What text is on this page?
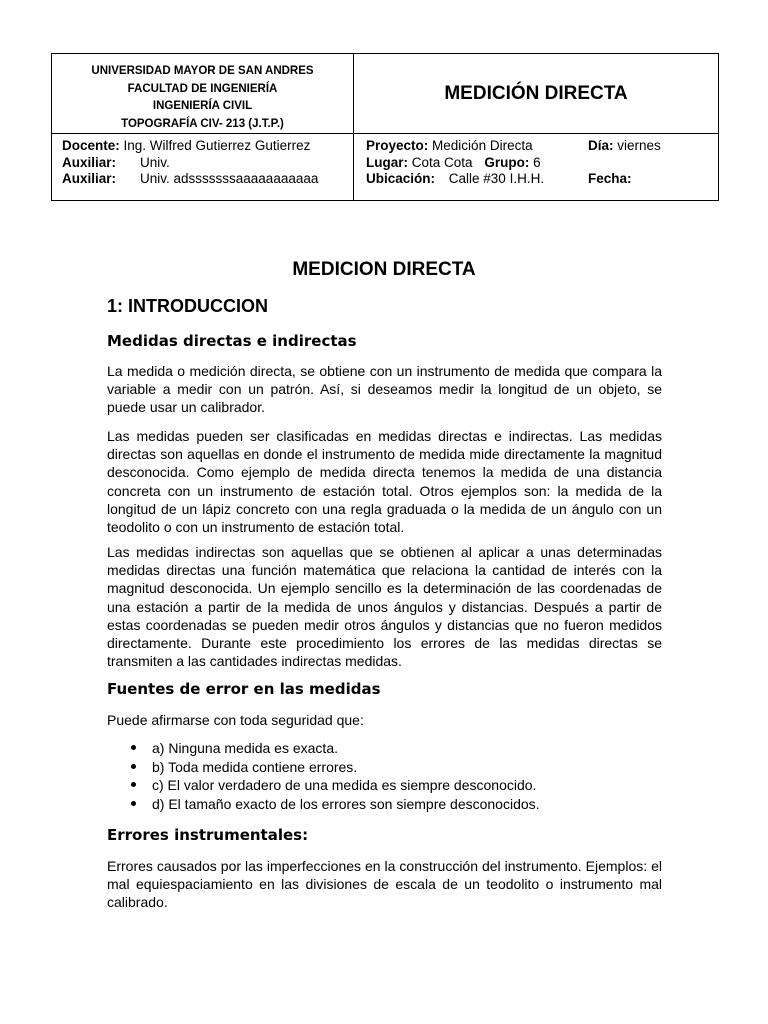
UNIVERSIDAD MAYOR DE SAN ANDRES
FACULTAD DE INGENIERÍA
INGENIERÍA CIVIL
TOPOGRAFÍA CIV- 213 (J.T.P.)
MEDICIÓN DIRECTA
Docente: Ing. Wilfred Gutierrez Gutierrez
Auxiliar: Univ.
Auxiliar: Univ. adsssssssaaaaaaaaaaa
Proyecto: Medición Directa	Día: viernes
Lugar: Cota Cota Grupo: 6
Ubicación: Calle #30 I.H.H.	Fecha:
MEDICION DIRECTA
1: INTRODUCCION
Medidas directas e indirectas
La medida o medición directa, se obtiene con un instrumento de medida que compara la variable a medir con un patrón. Así, si deseamos medir la longitud de un objeto, se puede usar un calibrador.
Las medidas pueden ser clasificadas en medidas directas e indirectas. Las medidas directas son aquellas en donde el instrumento de medida mide directamente la magnitud desconocida. Como ejemplo de medida directa tenemos la medida de una distancia concreta con un instrumento de estación total. Otros ejemplos son: la medida de la longitud de un lápiz concreto con una regla graduada o la medida de un ángulo con un teodolito o con un instrumento de estación total.
Las medidas indirectas son aquellas que se obtienen al aplicar a unas determinadas medidas directas una función matemática que relaciona la cantidad de interés con la magnitud desconocida. Un ejemplo sencillo es la determinación de las coordenadas de una estación a partir de la medida de unos ángulos y distancias. Después a partir de estas coordenadas se pueden medir otros ángulos y distancias que no fueron medidos directamente. Durante este procedimiento los errores de las medidas directas se transmiten a las cantidades indirectas medidas.
Fuentes de error en las medidas
Puede afirmarse con toda seguridad que:
a) Ninguna medida es exacta.
b) Toda medida contiene errores.
c) El valor verdadero de una medida es siempre desconocido.
d) El tamaño exacto de los errores son siempre desconocidos.
Errores instrumentales:
Errores causados por las imperfecciones en la construcción del instrumento. Ejemplos: el mal equiespaciamiento en las divisiones de escala de un teodolito o instrumento mal calibrado.
